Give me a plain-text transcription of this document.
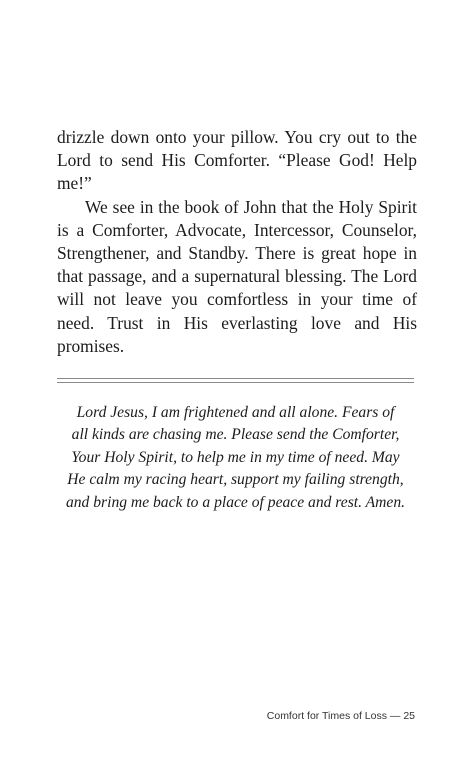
drizzle down onto your pillow. You cry out to the Lord to send His Comforter. “Please God! Help me!”

We see in the book of John that the Holy Spirit is a Comforter, Advocate, Intercessor, Counselor, Strengthener, and Standby. There is great hope in that passage, and a supernatural blessing. The Lord will not leave you comfortless in your time of need. Trust in His everlasting love and His promises.

Lord Jesus, I am frightened and all alone. Fears of
all kinds are chasing me. Please send the Comforter,
Your Holy Spirit, to help me in my time of need. May
He calm my racing heart, support my failing strength,
and bring me back to a place of peace and rest. Amen.
Comfort for Times of Loss — 25
